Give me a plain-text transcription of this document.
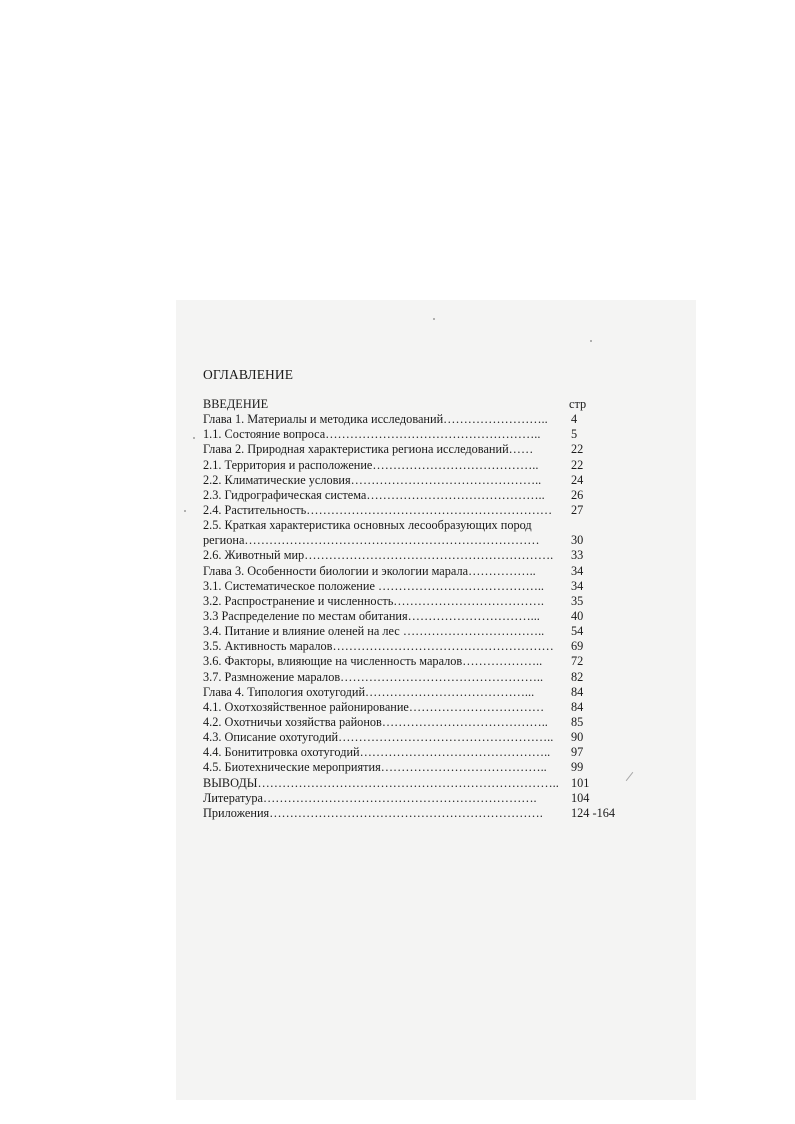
ОГЛАВЛЕНИЕ
ВВЕДЕНИЕ	стр
Глава 1. Материалы и методика исследований……………………..	4
1.1. Состояние вопроса……………………………………………..	5
Глава 2. Природная характеристика региона исследований……	22
2.1. Территория и расположение…………………………………..	22
2.2. Климатические условия………………………………………..	24
2.3. Гидрографическая система……………………………………..	26
2.4. Растительность……………………………………………………	27
2.5. Краткая характеристика основных лесообразующих пород
региона………………………………………………………………	30
2.6. Животный мир…………………………………………………….	33
Глава 3. Особенности биологии и экологии марала……………..	34
3.1. Систематическое положение …………………………………..	34
3.2. Распространение и численность……………………………….	35
3.3 Распределение по местам обитания…………………………...	40
3.4. Питание и влияние оленей на лес ……………………………..	54
3.5. Активность маралов………………………………………………	69
3.6. Факторы, влияющие на численность маралов………………..	72
3.7. Размножение маралов…………………………………………..	82
Глава 4. Типология охотугодий…………………………………...	84
4.1. Охотхозяйственное районирование……………………………	84
4.2. Охотничьи хозяйства районов…………………………………..	85
4.3. Описание охотугодий……………………………………………..	90
4.4. Бонититровка охотугодий………………………………………..	97
4.5. Биотехнические мероприятия…………………………………..	99
ВЫВОДЫ……………………………………………………………….. 101
Литература………………………………………………………….	104
Приложения………………………………………………………….	124 -164
